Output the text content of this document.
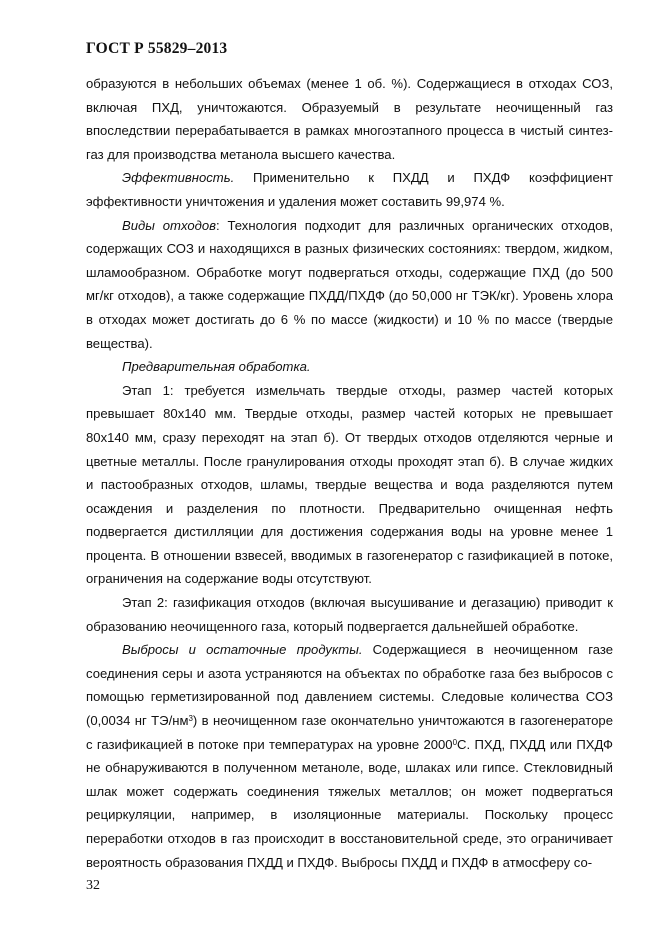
ГОСТ Р 55829–2013

образуются в небольших объемах (менее 1 об. %). Содержащиеся в отходах СОЗ, включая ПХД, уничтожаются. Образуемый в результате неочищенный газ впоследствии перерабатывается в рамках многоэтапного процесса в чистый синтез-газ для производства метанола высшего качества.

Эффективность. Применительно к ПХДД и ПХДФ коэффициент эффективности уничтожения и удаления может составить 99,974 %.

Виды отходов: Технология подходит для различных органических отходов, содержащих СОЗ и находящихся в разных физических состояниях: твердом, жидком, шламообразном. Обработке могут подвергаться отходы, содержащие ПХД (до 500 мг/кг отходов), а также содержащие ПХДД/ПХДФ (до 50,000 нг ТЭК/кг). Уровень хлора в отходах может достигать до 6 % по массе (жидкости) и 10 % по массе (твердые вещества).

Предварительная обработка.

Этап 1: требуется измельчать твердые отходы, размер частей которых превышает 80x140 мм. Твердые отходы, размер частей которых не превышает 80x140 мм, сразу переходят на этап б). От твердых отходов отделяются черные и цветные металлы. После гранулирования отходы проходят этап б). В случае жидких и пастообразных отходов, шламы, твердые вещества и вода разделяются путем осаждения и разделения по плотности. Предварительно очищенная нефть подвергается дистилляции для достижения содержания воды на уровне менее 1 процента. В отношении взвесей, вводимых в газогенератор с газификацией в потоке, ограничения на содержание воды отсутствуют.

Этап 2: газификация отходов (включая высушивание и дегазацию) приводит к образованию неочищенного газа, который подвергается дальнейшей обработке.

Выбросы и остаточные продукты. Содержащиеся в неочищенном газе соединения серы и азота устраняются на объектах по обработке газа без выбросов с помощью герметизированной под давлением системы. Следовые количества СОЗ (0,0034 нг $ТЭ/нм^3$) в неочищенном газе окончательно уничтожаются в газогенераторе с газификацией в потоке при температурах на уровне 2000$^0$С. ПХД, ПХДД или ПХДФ не обнаруживаются в полученном метаноле, воде, шлаках или гипсе. Стекловидный шлак может содержать соединения тяжелых металлов; он может подвергаться рециркуляции, например, в изоляционные материалы. Поскольку процесс переработки отходов в газ происходит в восстановительной среде, это ограничивает вероятность образования ПХДД и ПХДФ. Выбросы ПХДД и ПХДФ в атмосферу со-

32
